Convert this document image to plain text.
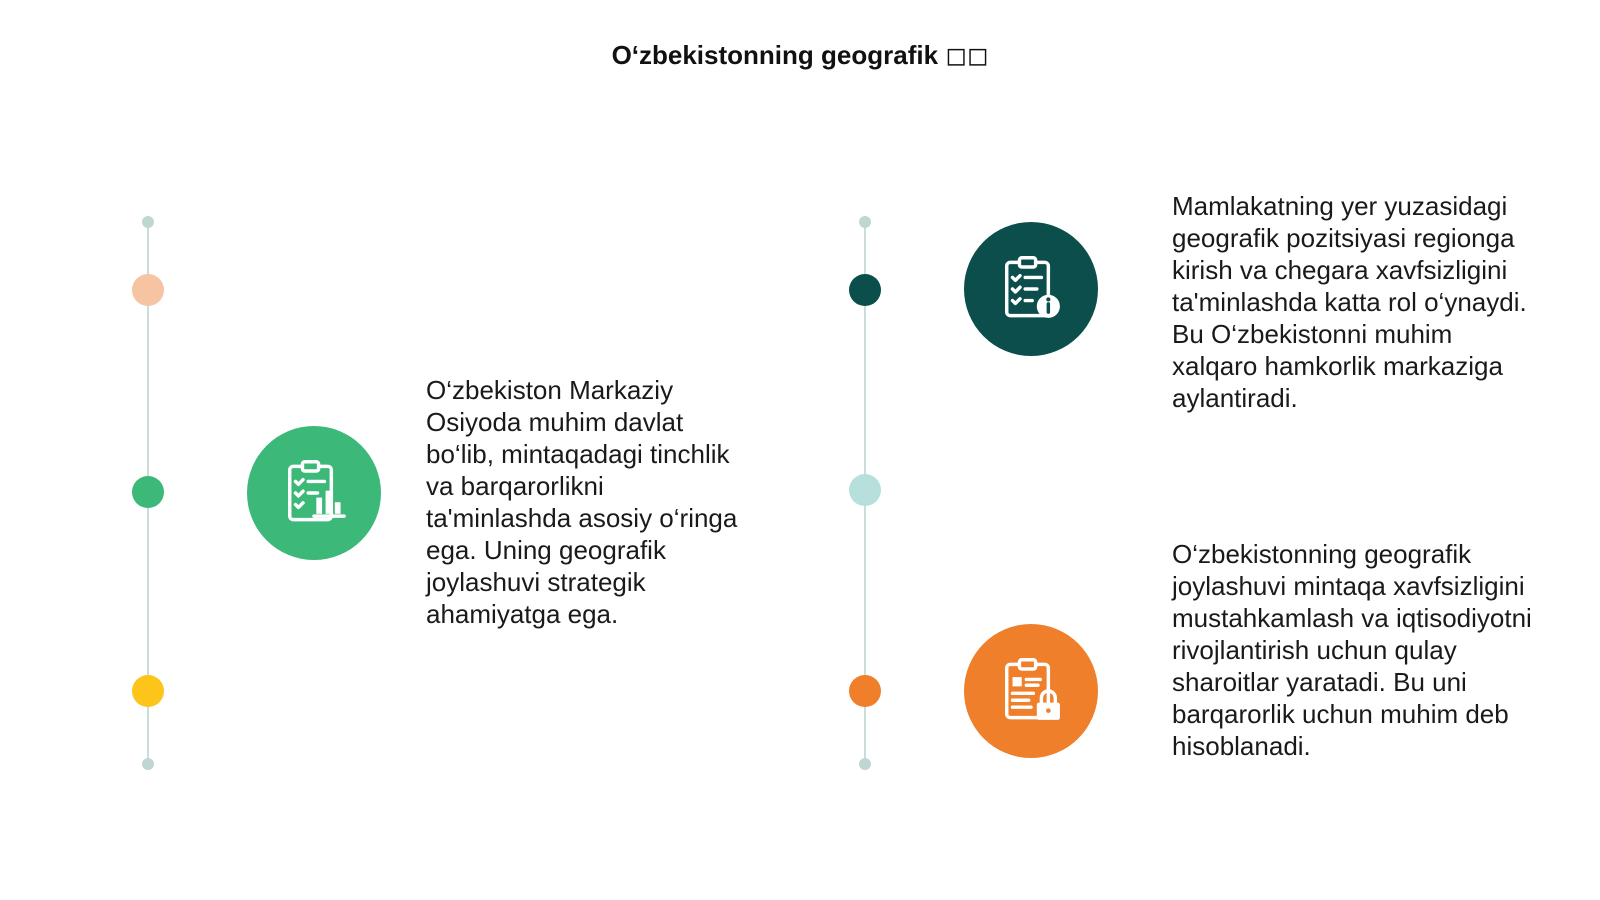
O‘zbekistonning geografik ◻◻
O‘zbekiston Markaziy Osiyoda muhim davlat bo‘lib, mintaqadagi tinchlik va barqarorlikni ta'minlashda asosiy o‘ringa ega. Uning geografik joylashuvi strategik ahamiyatga ega.
Mamlakatning yer yuzasidagi geografik pozitsiyasi regionga kirish va chegara xavfsizligini ta'minlashda katta rol o‘ynaydi. Bu O‘zbekistonni muhim xalqaro hamkorlik markaziga aylantiradi.
O‘zbekistonning geografik joylashuvi mintaqa xavfsizligini mustahkamlash va iqtisodiyotni rivojlantirish uchun qulay sharoitlar yaratadi. Bu uni barqarorlik uchun muhim deb hisoblanadi.
